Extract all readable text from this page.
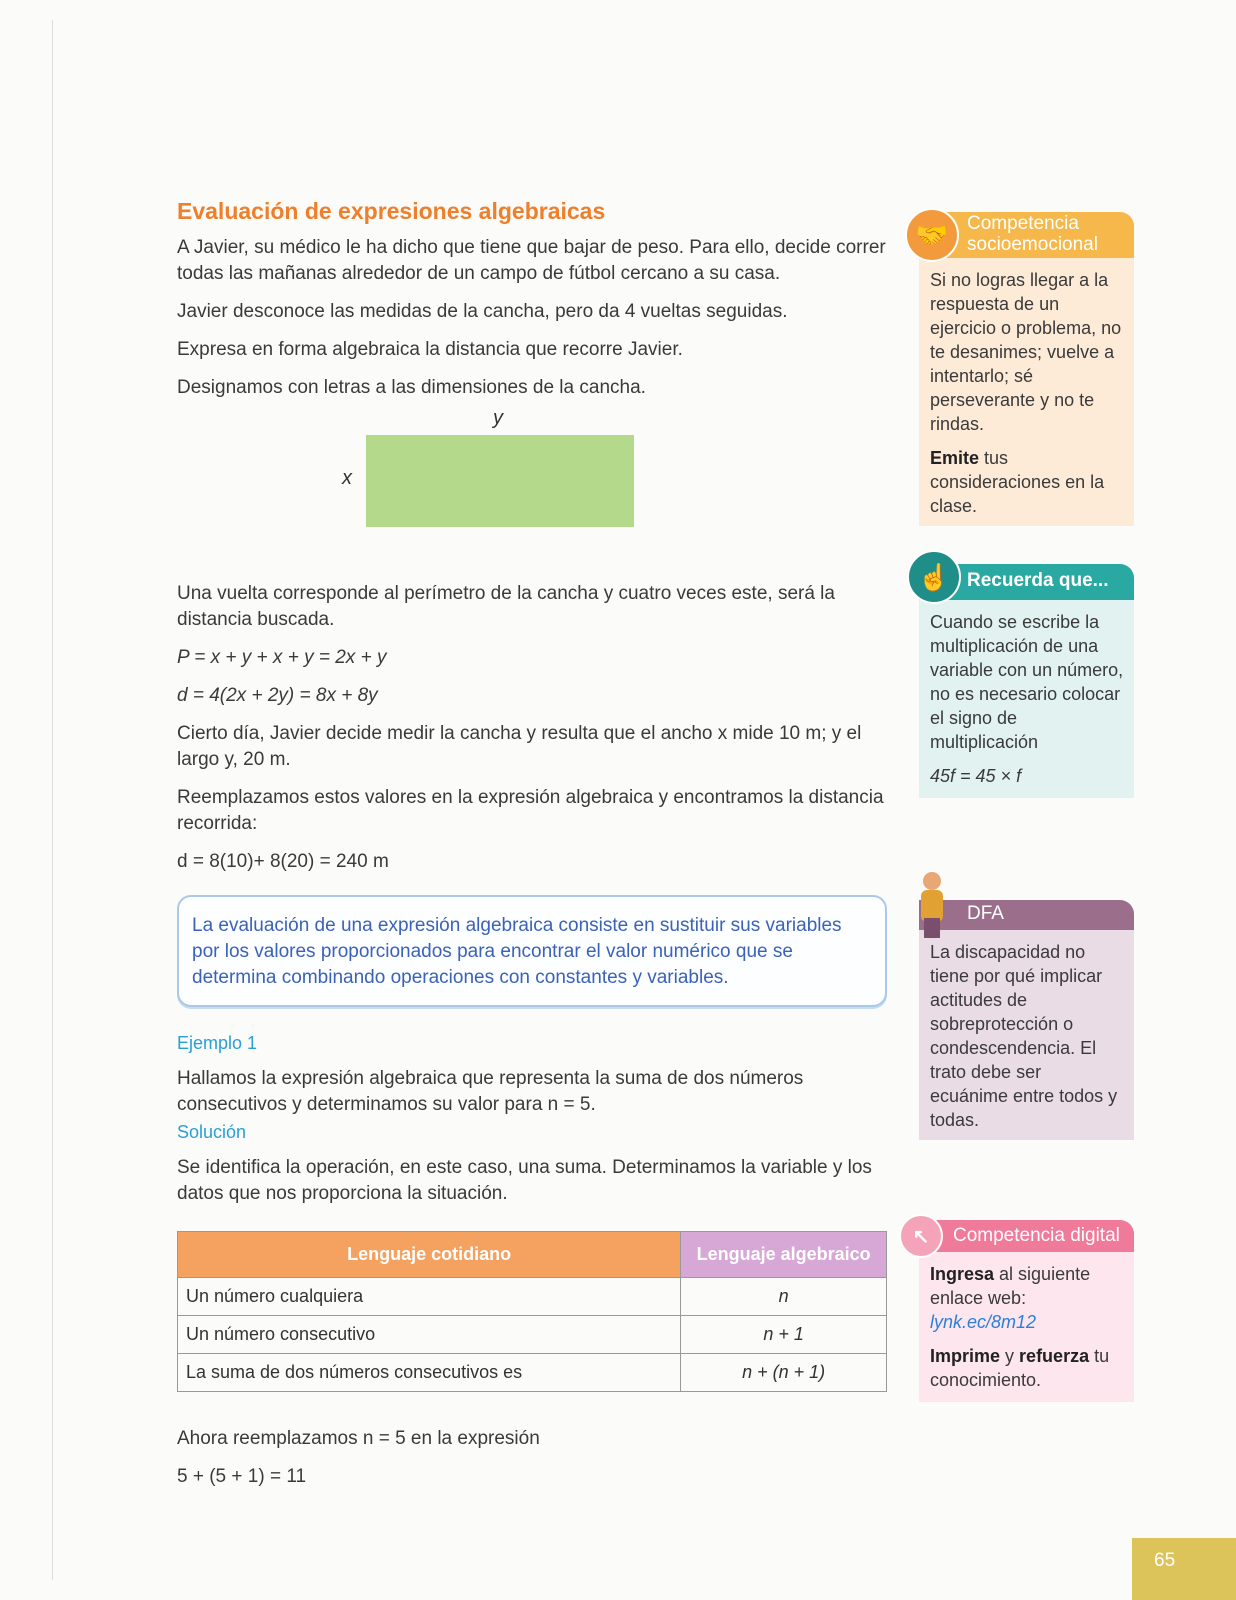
Evaluación de expresiones algebraicas

A Javier, su médico le ha dicho que tiene que bajar de peso. Para ello, decide correr todas las mañanas alrededor de un campo de fútbol cercano a su casa.

Javier desconoce las medidas de la cancha, pero da 4 vueltas seguidas.

Expresa en forma algebraica la distancia que recorre Javier.

Designamos con letras a las dimensiones de la cancha.

y
x

Una vuelta corresponde al perímetro de la cancha y cuatro veces este, será la distancia buscada.

P = x + y + x + y = 2x + y

d = 4(2x + 2y) = 8x + 8y

Cierto día, Javier decide medir la cancha y resulta que el ancho x mide 10 m; y el largo y, 20 m.

Reemplazamos estos valores en la expresión algebraica y encontramos la distancia recorrida:

d = 8(10)+ 8(20) = 240 m

La evaluación de una expresión algebraica consiste en sustituir sus variables por los valores proporcionados para encontrar el valor numérico que se determina combinando operaciones con constantes y variables.
Ejemplo 1

Hallamos la expresión algebraica que representa la suma de dos números consecutivos y determinamos su valor para n = 5.

Solución

Se identifica la operación, en este caso, una suma. Determinamos la variable y los datos que nos proporciona la situación.

Lenguaje cotidiano	Lenguaje algebraico
Un número cualquiera	n
Un número consecutivo	n + 1
La suma de dos números consecutivos es	n + (n + 1)

Ahora reemplazamos n = 5 en la expresión

5 + (5 + 1) = 11

🤝 Competencia
socioemocional

Si no logras llegar a la respuesta de un ejercicio o problema, no te desanimes; vuelve a intentarlo; sé perseverante y no te rindas.

Emite tus consideraciones en la clase.

☝ Recuerda que...

Cuando se escribe la multiplicación de una variable con un número, no es necesario colocar el signo de multiplicación

45f = 45 × f

DFA

La discapacidad no tiene por qué implicar actitudes de sobreprotección o condescendencia. El trato debe ser ecuánime entre todos y todas.

↖	Competencia digital

Ingresa al siguiente enlace web:

lynk.ec/8m12

Imprime y refuerza tu conocimiento.

65
